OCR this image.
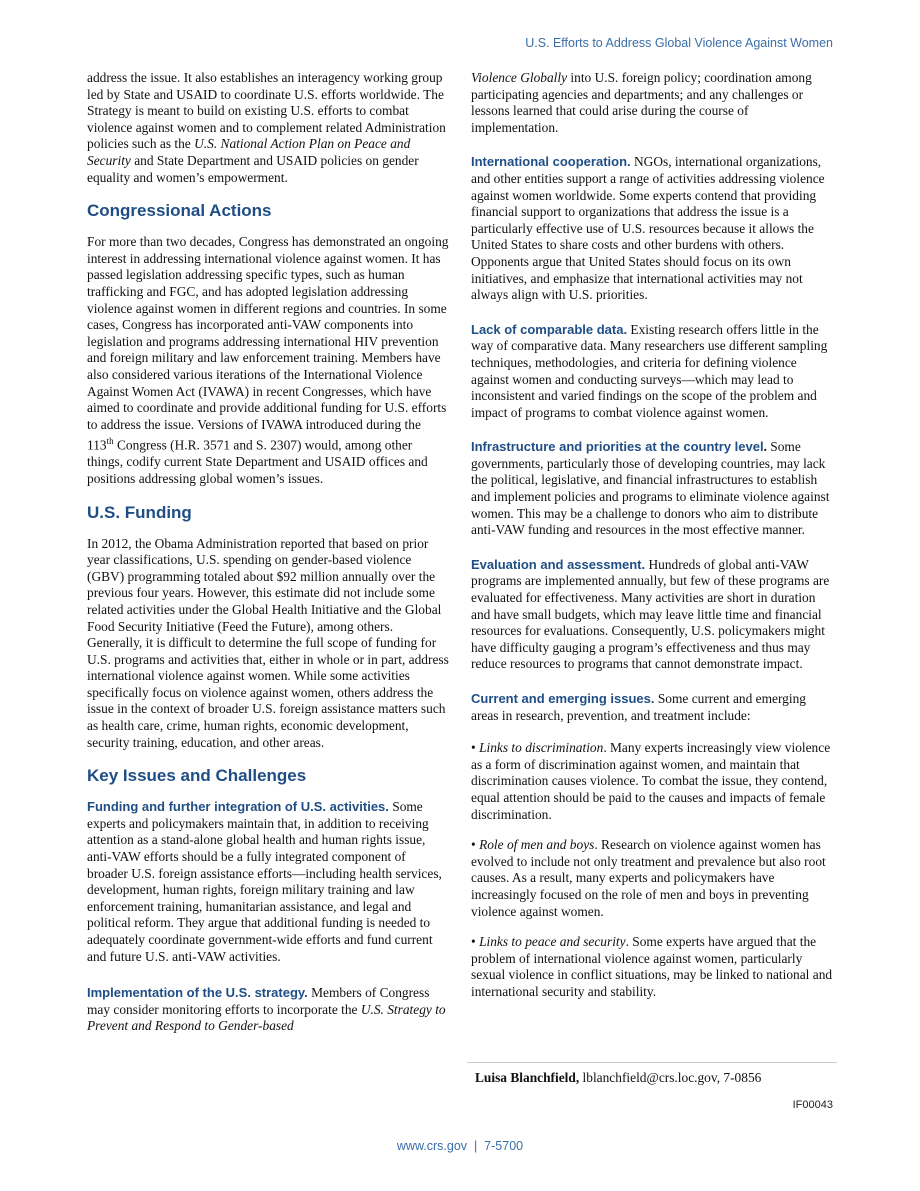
U.S. Efforts to Address Global Violence Against Women

address the issue. It also establishes an interagency working group led by State and USAID to coordinate U.S. efforts worldwide. The Strategy is meant to build on existing U.S. efforts to combat violence against women and to complement related Administration policies such as the U.S. National Action Plan on Peace and Security and State Department and USAID policies on gender equality and women’s empowerment.

Congressional Actions

For more than two decades, Congress has demonstrated an ongoing interest in addressing international violence against women. It has passed legislation addressing specific types, such as human trafficking and FGC, and has adopted legislation addressing violence against women in different regions and countries. In some cases, Congress has incorporated anti-VAW components into legislation and programs addressing international HIV prevention and foreign military and law enforcement training. Members have also considered various iterations of the International Violence Against Women Act (IVAWA) in recent Congresses, which have aimed to coordinate and provide additional funding for U.S. efforts to address the issue. Versions of IVAWA introduced during the 113th Congress (H.R. 3571 and S. 2307) would, among other things, codify current State Department and USAID offices and positions addressing global women’s issues.

U.S. Funding

In 2012, the Obama Administration reported that based on prior year classifications, U.S. spending on gender-based violence (GBV) programming totaled about $92 million annually over the previous four years. However, this estimate did not include some related activities under the Global Health Initiative and the Global Food Security Initiative (Feed the Future), among others. Generally, it is difficult to determine the full scope of funding for U.S. programs and activities that, either in whole or in part, address international violence against women. While some activities specifically focus on violence against women, others address the issue in the context of broader U.S. foreign assistance matters such as health care, crime, human rights, economic development, security training, education, and other areas.

Key Issues and Challenges

Funding and further integration of U.S. activities. Some experts and policymakers maintain that, in addition to receiving attention as a stand-alone global health and human rights issue, anti-VAW efforts should be a fully integrated component of broader U.S. foreign assistance efforts—including health services, development, human rights, foreign military training and law enforcement training, humanitarian assistance, and legal and political reform. They argue that additional funding is needed to adequately coordinate government-wide efforts and fund current and future U.S. anti-VAW activities.

Implementation of the U.S. strategy. Members of Congress may consider monitoring efforts to incorporate the U.S. Strategy to Prevent and Respond to Gender-based

Violence Globally into U.S. foreign policy; coordination among participating agencies and departments; and any challenges or lessons learned that could arise during the course of implementation.

International cooperation. NGOs, international organizations, and other entities support a range of activities addressing violence against women worldwide. Some experts contend that providing financial support to organizations that address the issue is a particularly effective use of U.S. resources because it allows the United States to share costs and other burdens with others. Opponents argue that United States should focus on its own initiatives, and emphasize that international activities may not always align with U.S. priorities.

Lack of comparable data. Existing research offers little in the way of comparative data. Many researchers use different sampling techniques, methodologies, and criteria for defining violence against women and conducting surveys—which may lead to inconsistent and varied findings on the scope of the problem and impact of programs to combat violence against women.

Infrastructure and priorities at the country level. Some governments, particularly those of developing countries, may lack the political, legislative, and financial infrastructures to establish and implement policies and programs to eliminate violence against women. This may be a challenge to donors who aim to distribute anti-VAW funding and resources in the most effective manner.

Evaluation and assessment. Hundreds of global anti-VAW programs are implemented annually, but few of these programs are evaluated for effectiveness. Many activities are short in duration and have small budgets, which may leave little time and financial resources for evaluations. Consequently, U.S. policymakers might have difficulty gauging a program’s effectiveness and thus may reduce resources to programs that cannot demonstrate impact.

Current and emerging issues. Some current and emerging areas in research, prevention, and treatment include:

• Links to discrimination. Many experts increasingly view violence as a form of discrimination against women, and maintain that discrimination causes violence. To combat the issue, they contend, equal attention should be paid to the causes and impacts of female discrimination.

• Role of men and boys. Research on violence against women has evolved to include not only treatment and prevalence but also root causes. As a result, many experts and policymakers have increasingly focused on the role of men and boys in preventing violence against women.

• Links to peace and security. Some experts have argued that the problem of international violence against women, particularly sexual violence in conflict situations, may be linked to national and international security and stability.

Luisa Blanchfield, lblanchfield@crs.loc.gov, 7-0856
IF00043
www.crs.gov  |  7-5700
